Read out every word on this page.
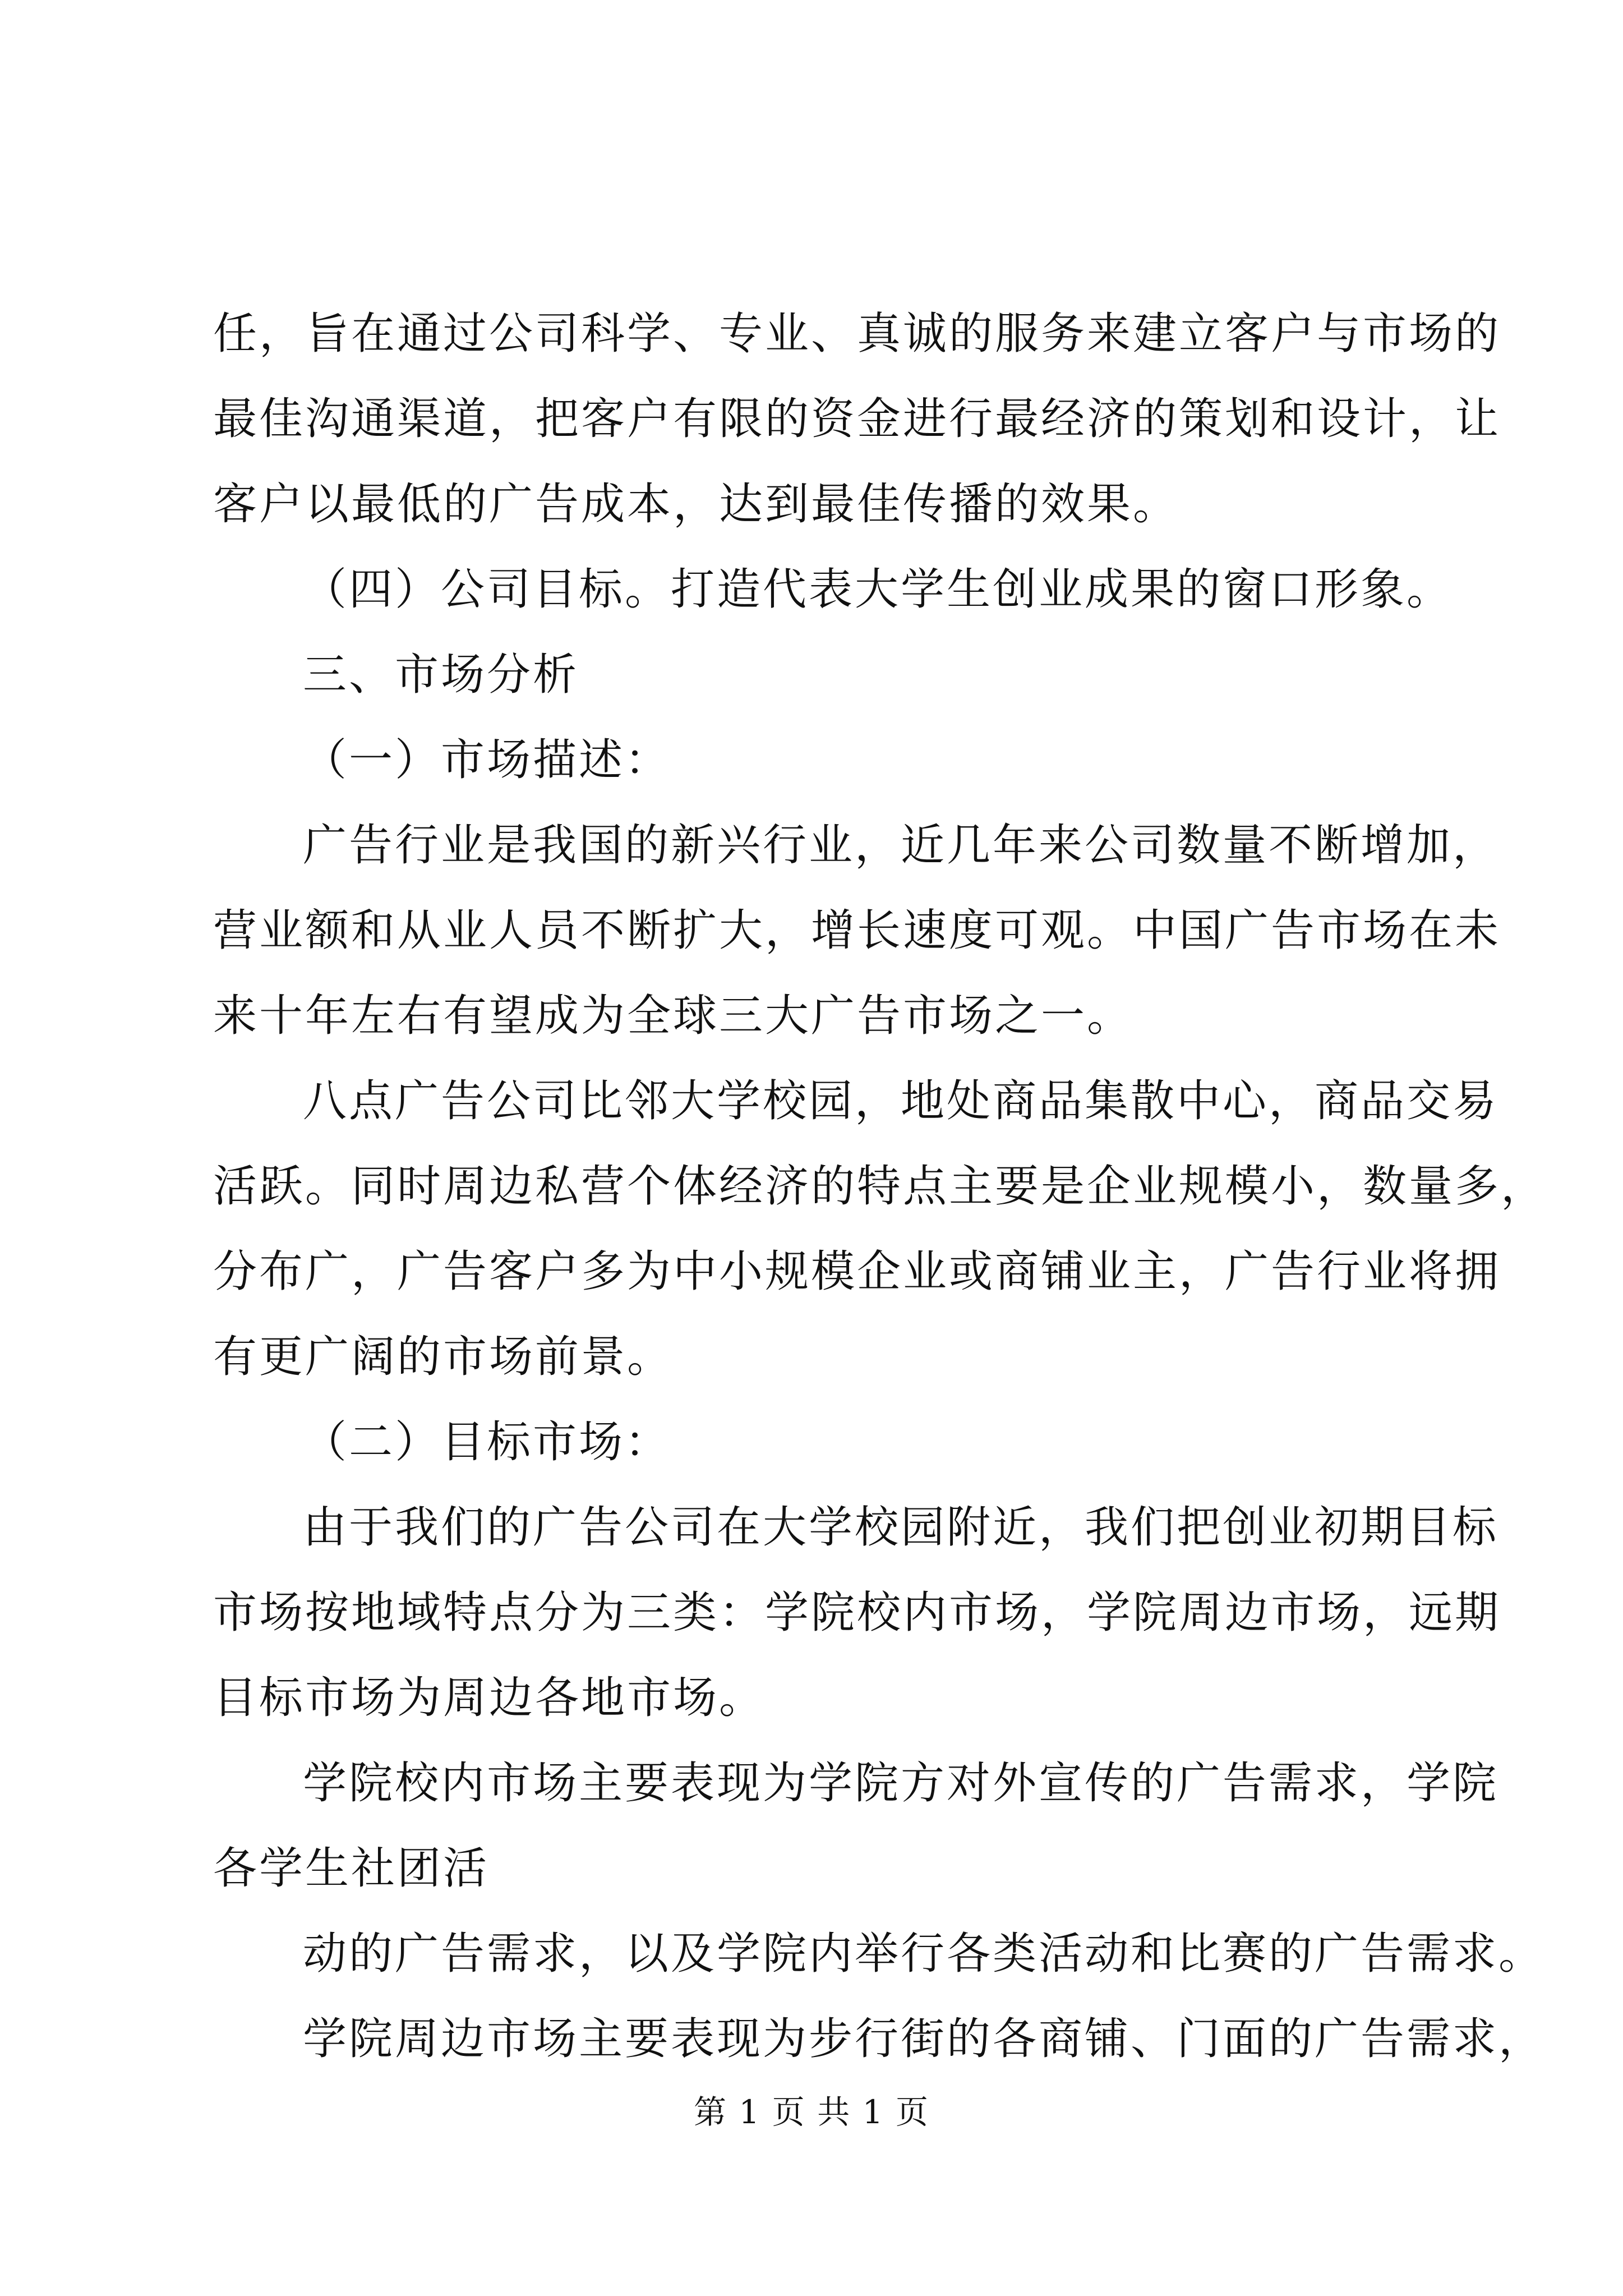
任，旨在通过公司科学、专业、真诚的服务来建立客户与市场的
最佳沟通渠道，把客户有限的资金进行最经济的策划和设计，让
客户以最低的广告成本，达到最佳传播的效果。
（四）公司目标。打造代表大学生创业成果的窗口形象。
三、市场分析
（一）市场描述：
广告行业是我国的新兴行业，近几年来公司数量不断增加，
营业额和从业人员不断扩大，增长速度可观。中国广告市场在未
来十年左右有望成为全球三大广告市场之一。
八点广告公司比邻大学校园，地处商品集散中心，商品交易
活跃。同时周边私营个体经济的特点主要是企业规模小，数量多，
分布广，广告客户多为中小规模企业或商铺业主，广告行业将拥
有更广阔的市场前景。
（二）目标市场：
由于我们的广告公司在大学校园附近，我们把创业初期目标
市场按地域特点分为三类：学院校内市场，学院周边市场，远期
目标市场为周边各地市场。
学院校内市场主要表现为学院方对外宣传的广告需求，学院
各学生社团活
动的广告需求，以及学院内举行各类活动和比赛的广告需求。
学院周边市场主要表现为步行街的各商铺、门面的广告需求，
第 1 页 共 1 页
